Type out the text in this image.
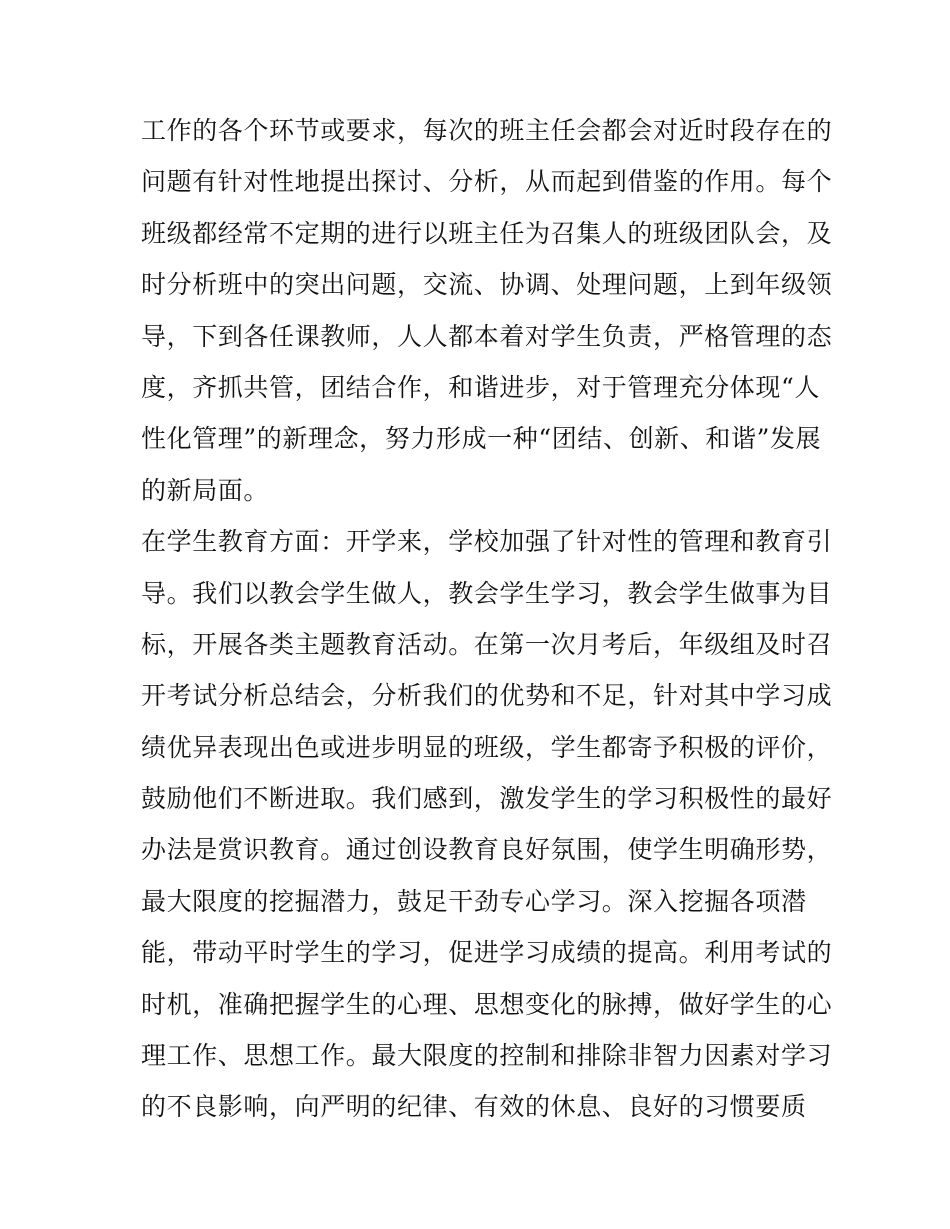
工作的各个环节或要求，每次的班主任会都会对近时段存在的
问题有针对性地提出探讨、分析，从而起到借鉴的作用。每个
班级都经常不定期的进行以班主任为召集人的班级团队会，及
时分析班中的突出问题，交流、协调、处理问题，上到年级领
导，下到各任课教师，人人都本着对学生负责，严格管理的态
度，齐抓共管，团结合作，和谐进步，对于管理充分体现“人
性化管理”的新理念，努力形成一种“团结、创新、和谐”发展
的新局面。
在学生教育方面：开学来，学校加强了针对性的管理和教育引
导。我们以教会学生做人，教会学生学习，教会学生做事为目
标，开展各类主题教育活动。在第一次月考后，年级组及时召
开考试分析总结会，分析我们的优势和不足，针对其中学习成
绩优异表现出色或进步明显的班级，学生都寄予积极的评价，
鼓励他们不断进取。我们感到，激发学生的学习积极性的最好
办法是赏识教育。通过创设教育良好氛围，使学生明确形势，
最大限度的挖掘潜力，鼓足干劲专心学习。深入挖掘各项潜
能，带动平时学生的学习，促进学习成绩的提高。利用考试的
时机，准确把握学生的心理、思想变化的脉搏，做好学生的心
理工作、思想工作。最大限度的控制和排除非智力因素对学习
的不良影响，向严明的纪律、有效的休息、良好的习惯要质
